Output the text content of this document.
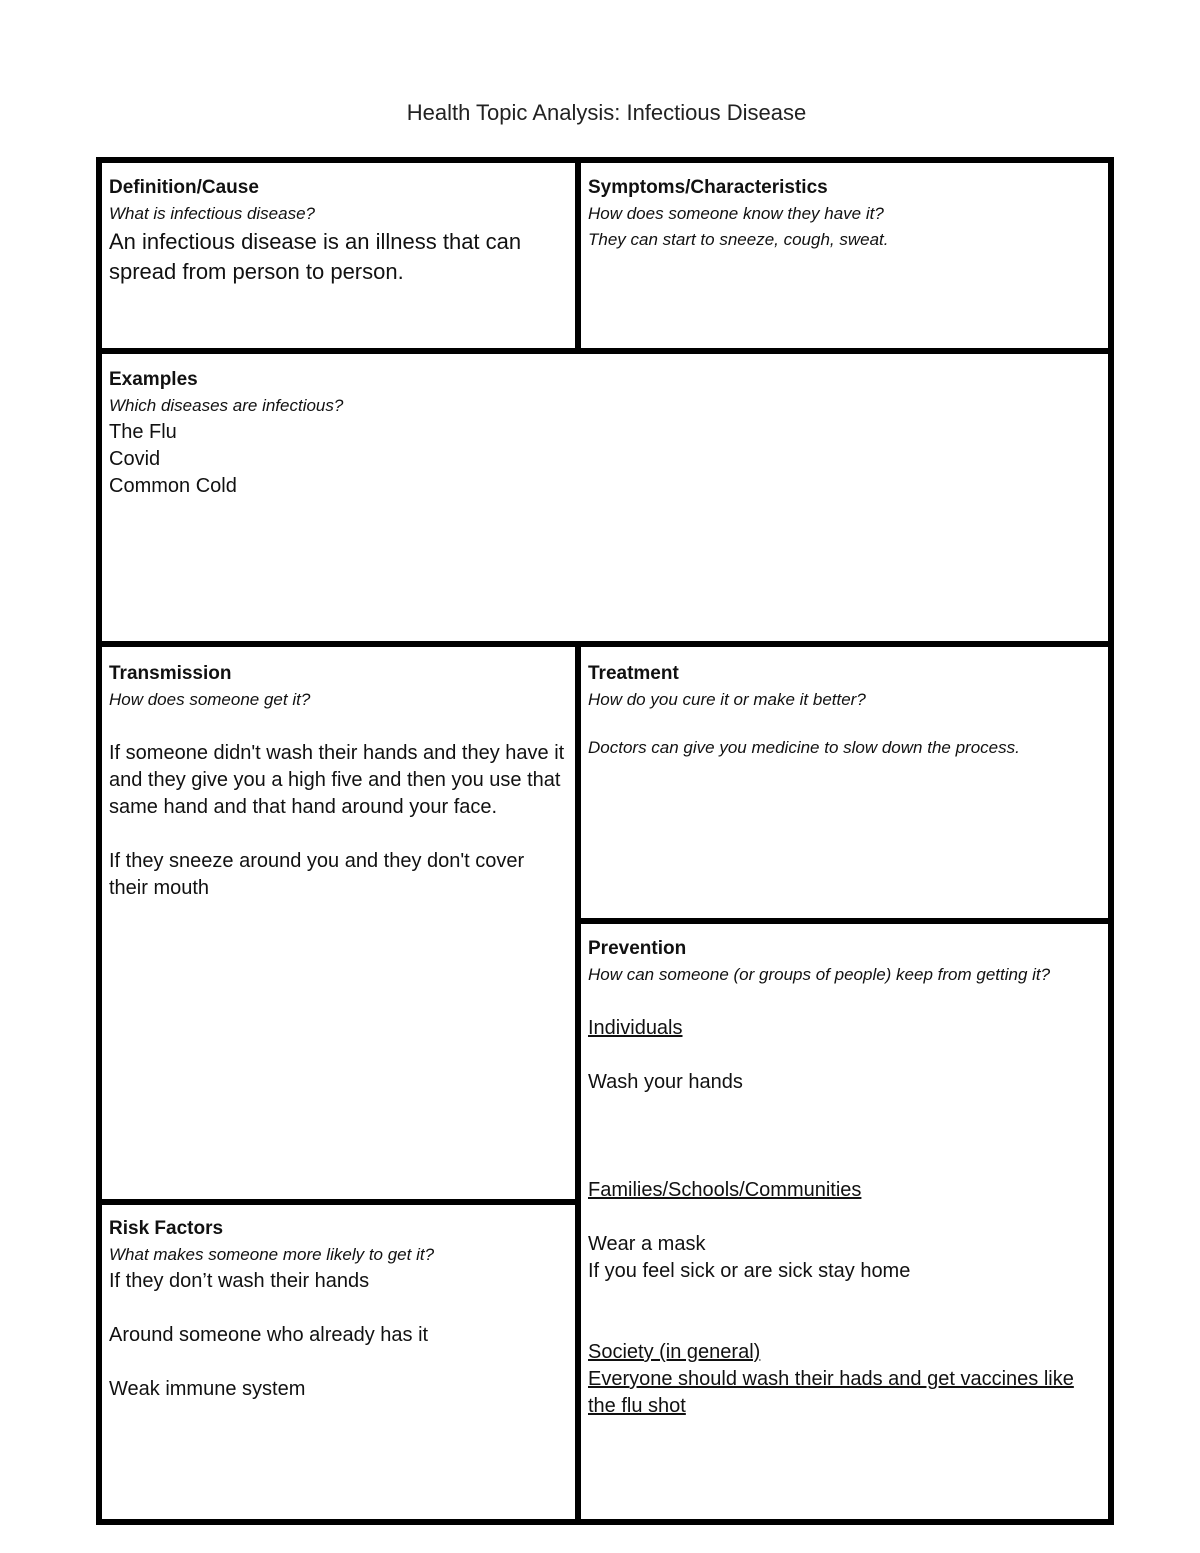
Health Topic Analysis: Infectious Disease
Definition/Cause
What is infectious disease?
An infectious disease is an illness that can spread from person to person.
Symptoms/Characteristics
How does someone know they have it?
They can start to sneeze, cough, sweat.
Examples
Which diseases are infectious?
The Flu
Covid
Common Cold
Transmission
How does someone get it?
If someone didn't wash their hands and they have it and they give you a high five and then you use that same hand and that hand around your face.
If they sneeze around you and they don't cover their mouth
Treatment
How do you cure it or make it better?
Doctors can give you medicine to slow down the process.
Prevention
How can someone (or groups of people) keep from getting it?
Individuals
Wash your hands
Families/Schools/Communities
Wear a mask
If you feel sick or are sick stay home
Society (in general)
Everyone should wash their hads and get vaccines like the flu shot
Risk Factors
What makes someone more likely to get it?
If they don’t wash their hands
Around someone who already has it
Weak immune system
